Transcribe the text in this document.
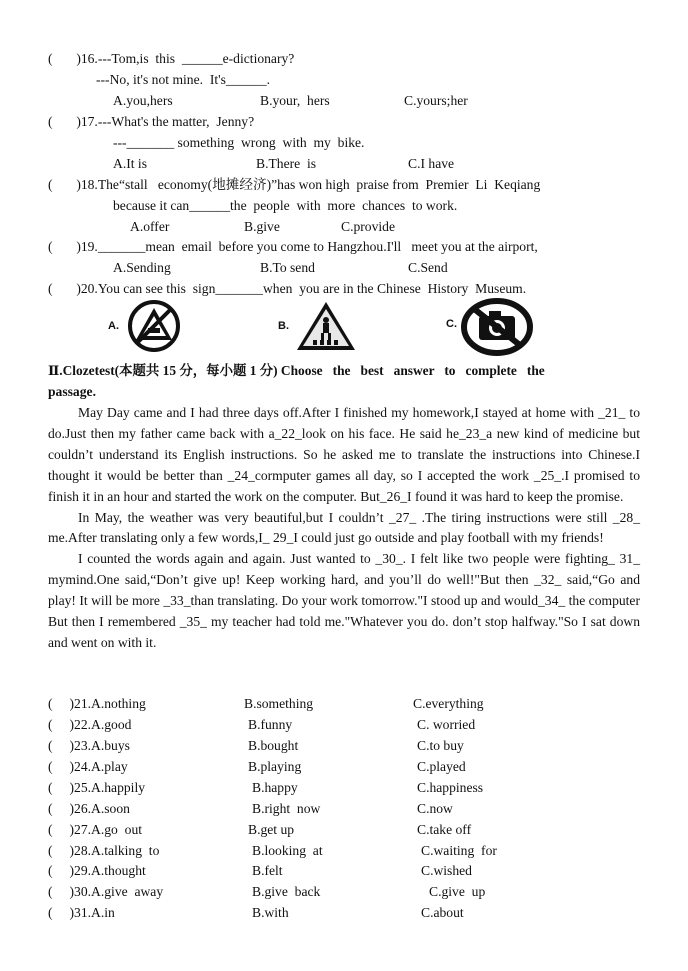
(       )16.---Tom,is  this  ______e-dictionary?
---No, it's not mine.  It's______.
A.you,hers	B.your,  hers	C.yours;her
(       )17.---What's the matter,  Jenny?
---_______ something  wrong  with  my  bike.
A.It is	B.There  is	C.I have
(       )18.The“stall   economy(地摊经济)”has won high  praise from  Premier  Li  Keqiang
because it can______the  people  with  more  chances  to work.
A.offer	B.give	C.provide
(       )19._______mean  email  before you come to Hangzhou.I'll   meet you at the airport,
A.Sending	B.To send	C.Send
(       )20.You can see this  sign_______when  you are in the Chinese  History  Museum.
A.	B.	C.
Ⅱ.Clozetest(本题共 15 分，每小题 1 分) Choose   the   best   answer   to   complete   the
passage.

May Day came and I had three days off.After I finished my homework,I stayed at home with _21_ to do.Just then my father came back with a_22_look on his face. He said he_23_a new kind of medicine but couldn’t understand its English instructions. So he asked me to translate the instructions into Chinese.I thought it would be better than _24_cormputer games all day, so I accepted the work _25_.I promised to finish it in an hour and started the work on the computer. But_26_I found it was hard to keep the promise.

In May, the weather was very beautiful,but I couldn’t _27_ .The tiring instructions were still _28_ me.After translating only a few words,I_ 29_I could just go outside and play football with my friends!

I counted the words again and again. Just wanted to _30_. I felt like two people were fighting_ 31_ mymind.One said,“Don’t give up! Keep working hard, and you’ll do well!"But then _32_ said,“Go and play! It will be more _33_than translating. Do your work tomorrow."I stood up and would_34_ the computer But then I remembered _35_ my teacher had told me."Whatever you do. don’t stop halfway."So I sat down and went on with it.

(     )21.A.nothing	B.something	C.everything
(     )22.A.good	B.funny	C. worried
(     )23.A.buys	B.bought	C.to buy
(     )24.A.play	B.playing	C.played
(     )25.A.happily	B.happy	C.happiness
(     )26.A.soon	B.right  now	C.now
(     )27.A.go  out	B.get up	C.take off
(     )28.A.talking  to	B.looking  at	C.waiting  for
(     )29.A.thought	B.felt	C.wished
(     )30.A.give  away	B.give  back	C.give  up
(     )31.A.in	B.with	C.about
